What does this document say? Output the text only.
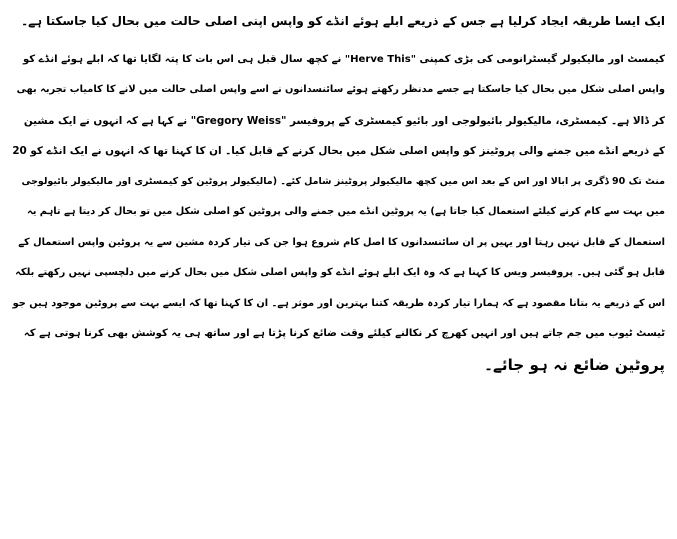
ایک ایسا طریقہ ایجاد کرلیا ہے جس کے ذریعے ابلے ہوئے انڈے کو واپس اپنی اصلی حالت میں بحال کیا جاسکتا ہے۔

کیمسٹ اور مالیکیولر گیسٹرانومی کی بڑی کمپنی "Herve This" نے کچھ سال قبل ہی اس بات کا پتہ لگایا تھا کہ ابلے ہوئے انڈے کو
واپس اصلی شکل میں بحال کیا جاسکتا ہے جسے مدنظر رکھتے ہوئے سائنسدانوں نے اسے واپس اصلی حالت میں لانے کا کامیاب تجربہ بھی
کر ڈالا ہے۔ کیمسٹری، مالیکیولر بائیولوجی اور بائیو کیمسٹری کے پروفیسر "Gregory Weiss" نے کہا ہے کہ انہوں نے ایک مشین
کے ذریعے انڈے میں جمنے والی پروٹینز کو واپس اصلی شکل میں بحال کرنے کے قابل کیا۔ ان کا کہنا تھا کہ انہوں نے ایک انڈے کو 20
منٹ تک 90 ڈگری پر ابالا اور اس کے بعد اس میں کچھ مالیکیولر پروٹینز شامل کئے۔ (مالیکیولر پروٹین کو کیمسٹری اور مالیکیولر بائیولوجی
میں بہت سے کام کرنے کیلئے استعمال کیا جاتا ہے) یہ پروٹین انڈے میں جمنے والی پروٹین کو اصلی شکل میں تو بحال کر دیتا ہے تاہم یہ
استعمال کے قابل نہیں رہتا اور یہیں پر ان سائنسدانوں کا اصل کام شروع ہوا جن کی تیار کردہ مشین سے یہ پروٹین واپس استعمال کے
قابل ہو گئی ہیں۔ پروفیسر ویس کا کہنا ہے کہ وہ ایک ابلے ہوئے انڈے کو واپس اصلی شکل میں بحال کرنے میں دلچسپی نہیں رکھتے بلکہ
اس کے ذریعے یہ بتانا مقصود ہے کہ ہمارا تیار کردہ طریقہ کتنا بہترین اور موثر ہے۔ ان کا کہنا تھا کہ ایسے بہت سے پروٹین موجود ہیں جو
ٹیسٹ ٹیوب میں جم جاتے ہیں اور انہیں کھرچ کر نکالنے کیلئے وقت ضائع کرنا پڑتا ہے اور ساتھ ہی یہ کوشش بھی کرنا ہوتی ہے کہ
پروٹین ضائع نہ ہو جائے۔
